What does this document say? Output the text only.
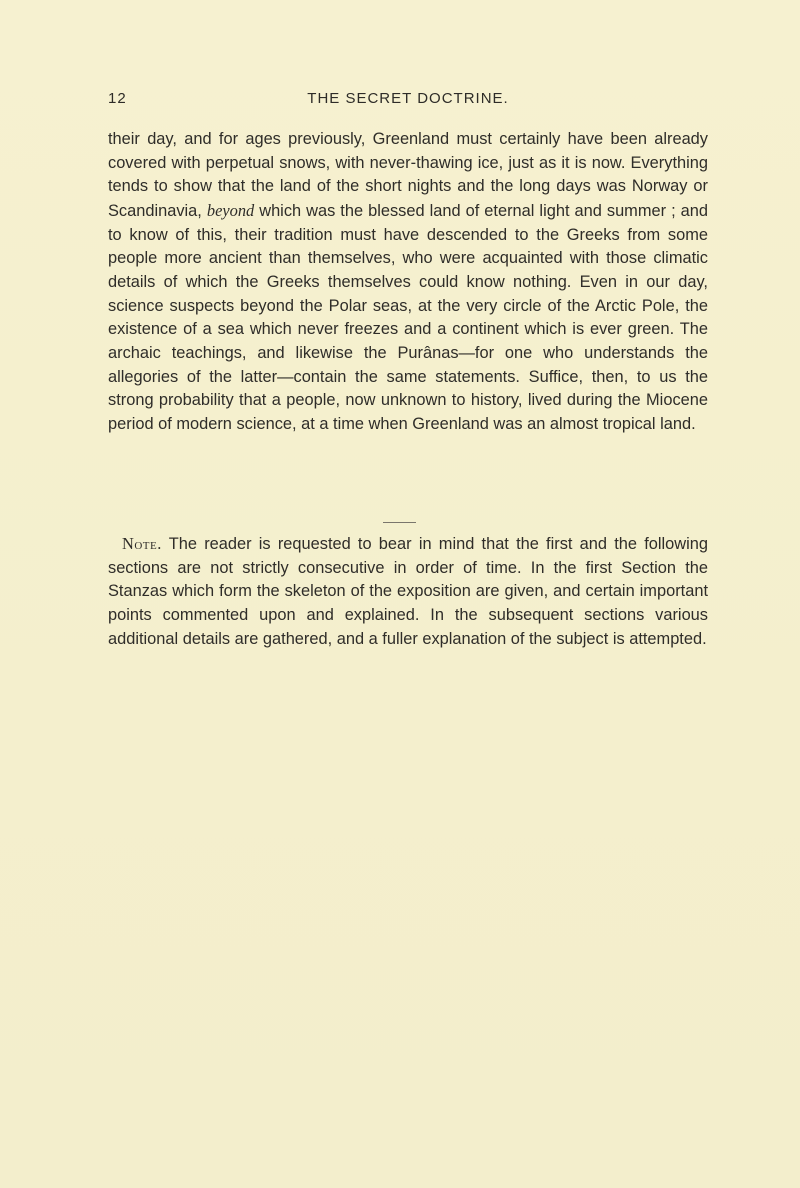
12	THE SECRET DOCTRINE.

their day, and for ages previously, Greenland must certainly have been already covered with perpetual snows, with never-thawing ice, just as it is now. Everything tends to show that the land of the short nights and the long days was Norway or Scandinavia, beyond which was the blessed land of eternal light and summer ; and to know of this, their tradition must have descended to the Greeks from some people more ancient than themselves, who were acquainted with those climatic details of which the Greeks themselves could know nothing. Even in our day, science suspects beyond the Polar seas, at the very circle of the Arctic Pole, the existence of a sea which never freezes and a continent which is ever green. The archaic teachings, and likewise the Purânas—for one who understands the allegories of the latter—contain the same statements. Suffice, then, to us the strong probability that a people, now unknown to history, lived during the Miocene period of modern science, at a time when Greenland was an almost tropical land.

Note. The reader is requested to bear in mind that the first and the following sections are not strictly consecutive in order of time. In the first Section the Stanzas which form the skeleton of the exposition are given, and certain important points commented upon and explained. In the subsequent sections various additional details are gathered, and a fuller explanation of the subject is attempted.
